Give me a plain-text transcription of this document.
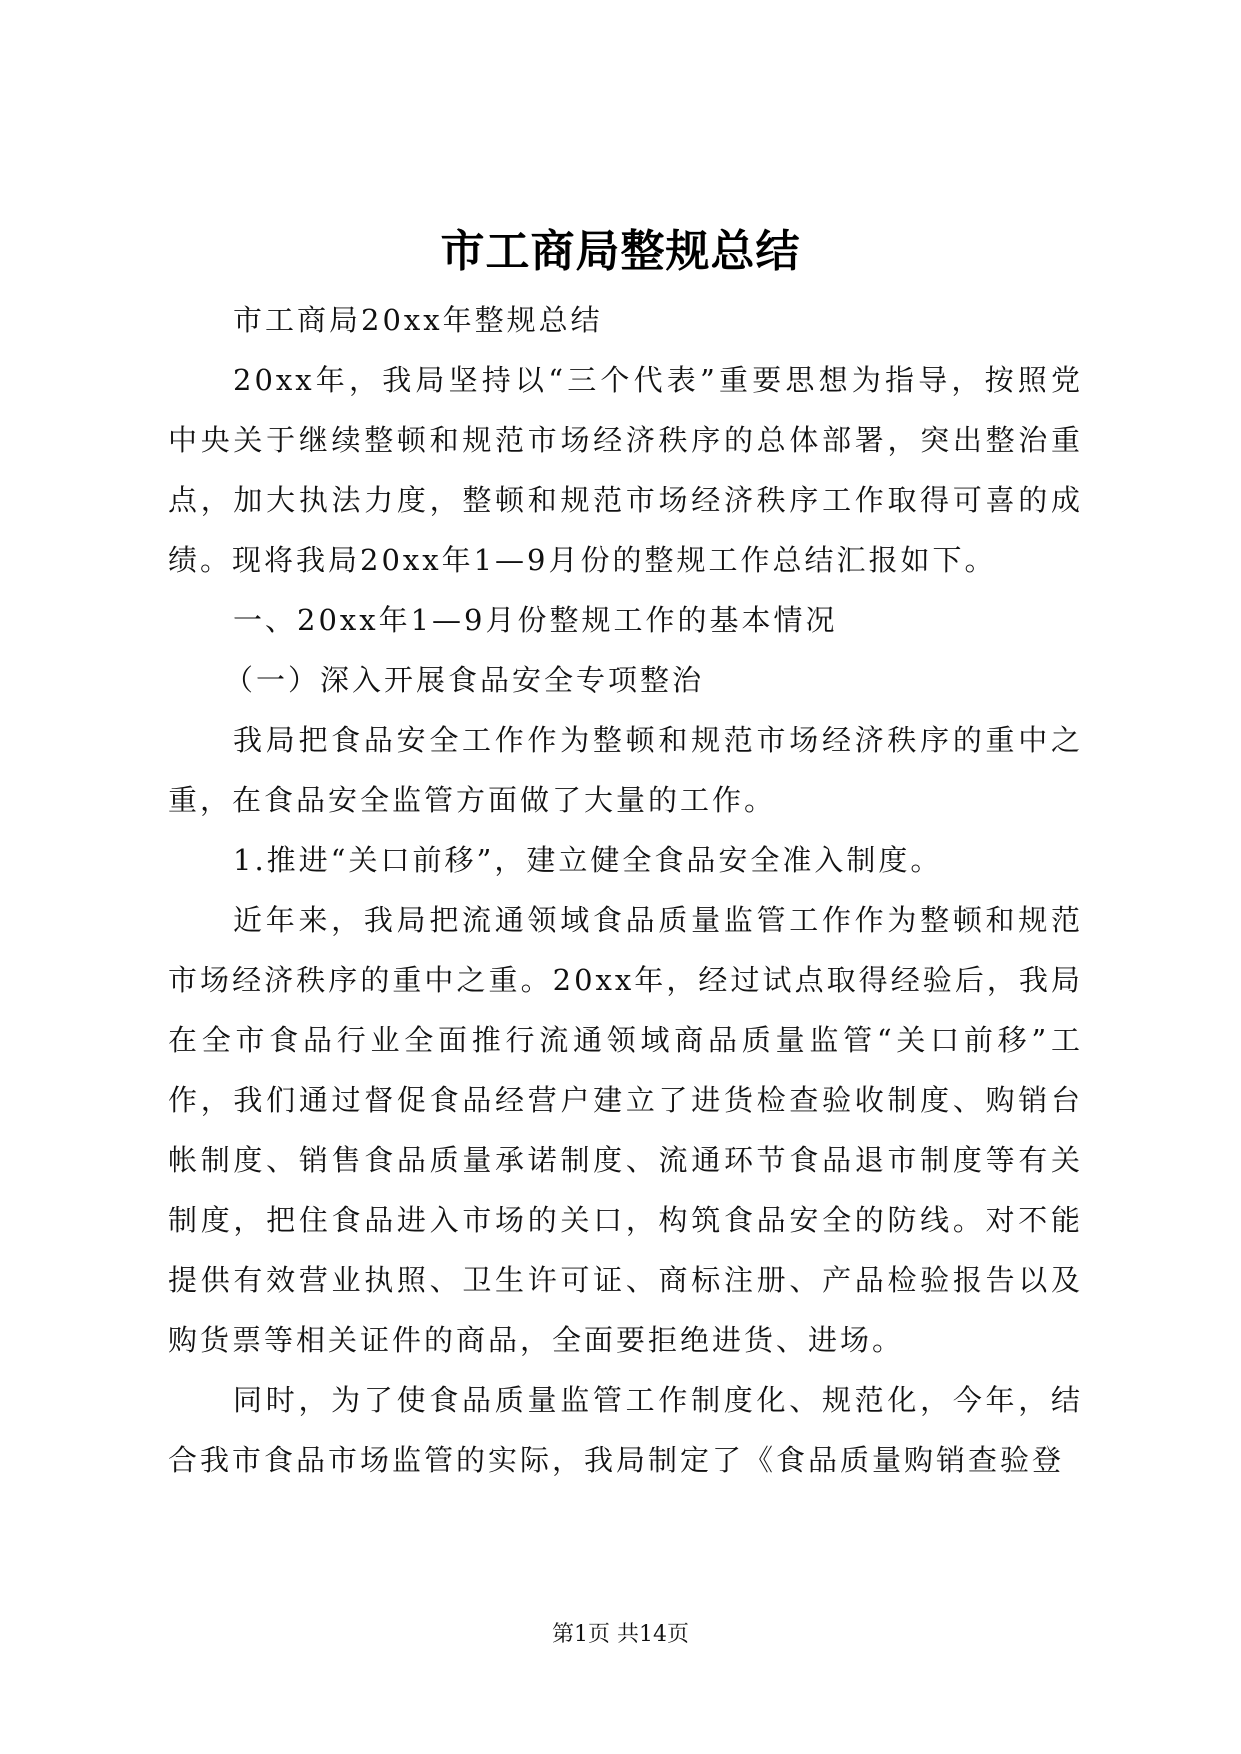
市工商局整规总结

市工商局20xx年整规总结

20xx年，我局坚持以“三个代表”重要思想为指导，按照党中央关于继续整顿和规范市场经济秩序的总体部署，突出整治重点，加大执法力度，整顿和规范市场经济秩序工作取得可喜的成绩。现将我局20xx年1—9月份的整规工作总结汇报如下。

一、20xx年1—9月份整规工作的基本情况

（一）深入开展食品安全专项整治

我局把食品安全工作作为整顿和规范市场经济秩序的重中之重，在食品安全监管方面做了大量的工作。

1.推进“关口前移”，建立健全食品安全准入制度。

近年来，我局把流通领域食品质量监管工作作为整顿和规范市场经济秩序的重中之重。20xx年，经过试点取得经验后，我局在全市食品行业全面推行流通领域商品质量监管“关口前移”工作，我们通过督促食品经营户建立了进货检查验收制度、购销台帐制度、销售食品质量承诺制度、流通环节食品退市制度等有关制度，把住食品进入市场的关口，构筑食品安全的防线。对不能提供有效营业执照、卫生许可证、商标注册、产品检验报告以及购货票等相关证件的商品，全面要拒绝进货、进场。

同时，为了使食品质量监管工作制度化、规范化，今年，结合我市食品市场监管的实际，我局制定了《食品质量购销查验登

第1页 共14页
